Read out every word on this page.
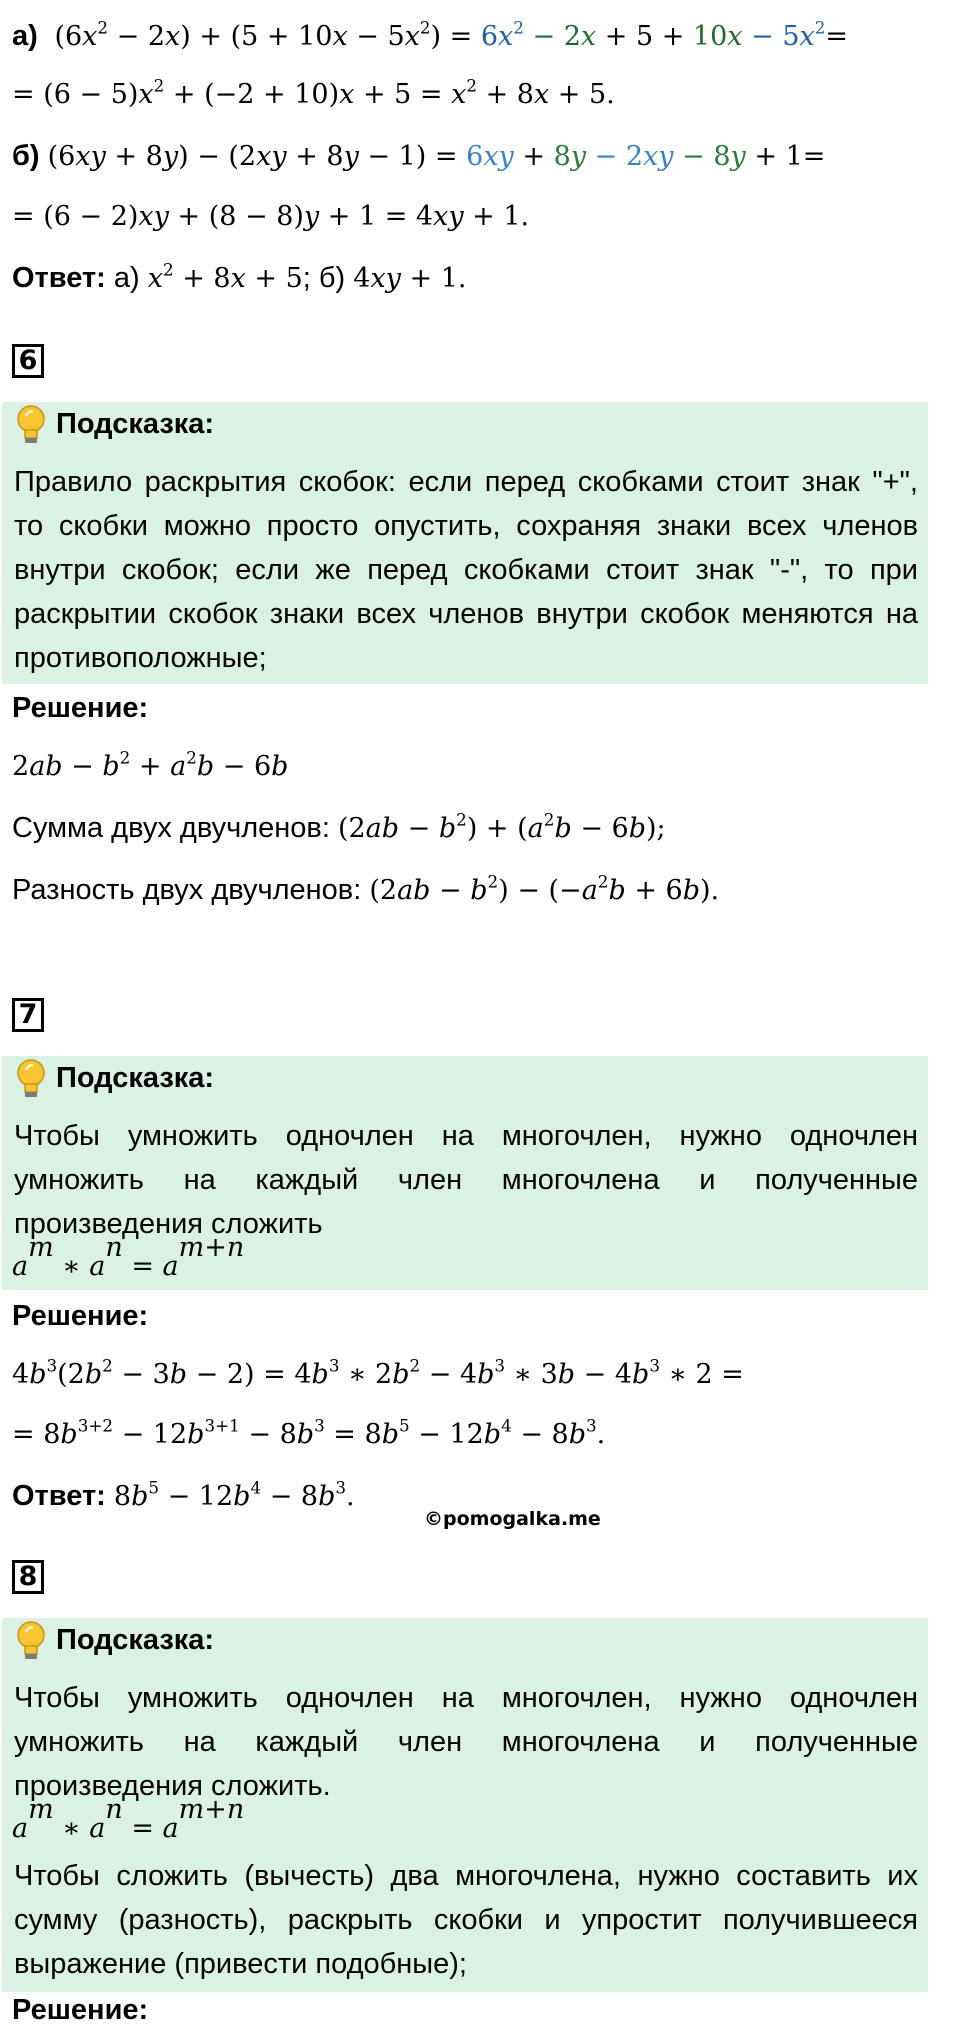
а)  $(6x^2 - 2x) + (5 + 10x - 5x^2) = 6x^2 - 2x + 5 + 10x - 5x^2=$
= $(6 - 5)x^2 + (-2 + 10)x + 5 = x^2 + 8x + 5$.
б) (6xy + 8y) − (2xy + 8y − 1) = 6xy + 8y − 2xy − 8y + 1=
= (6 − 2)xy + (8 − 8)y + 1 = 4xy + 1.
Ответ: а) $x^2 + 8x + 5$; б) 4xy + 1.
6
Подсказка:
Правило раскрытия скобок: если перед скобками стоит знак "+", то скобки можно просто опустить, сохраняя знаки всех членов внутри скобок; если же перед скобками стоит знак "-", то при раскрытии скобок знаки всех членов внутри скобок меняются на противоположные;
Решение:
$2ab - b^2 + a^2b - 6b$
Сумма двух двучленов: $(2ab - b^2) + (a^2b - 6b)$;
Разность двух двучленов: $(2ab - b^2) - (-a^2b + 6b)$.
7
Подсказка:
Чтобы умножить одночлен на многочлен, нужно одночлен умножить на каждый член многочлена и полученные произведения сложить
$a^m$ ∗ $a^n = a^{m+n}$
Решение:
$4b^3(2b^2 - 3b - 2) = 4b^3$ ∗ $2b^2 - 4b^3$ ∗ $3b - 4b^3$ ∗ 2 =
= $8b^{3+2} - 12b^{3+1} - 8b^3 = 8b^5 - 12b^4 - 8b^3$.
Ответ: $8b^5 - 12b^4 - 8b^3$.
©pomogalka.me
8
Подсказка:
Чтобы умножить одночлен на многочлен, нужно одночлен умножить на каждый член многочлена и полученные произведения сложить.
$a^m$ ∗ $a^n = a^{m+n}$
Чтобы сложить (вычесть) два многочлена, нужно составить их сумму (разность), раскрыть скобки и упростит получившееся выражение (привести подобные);
Решение:
